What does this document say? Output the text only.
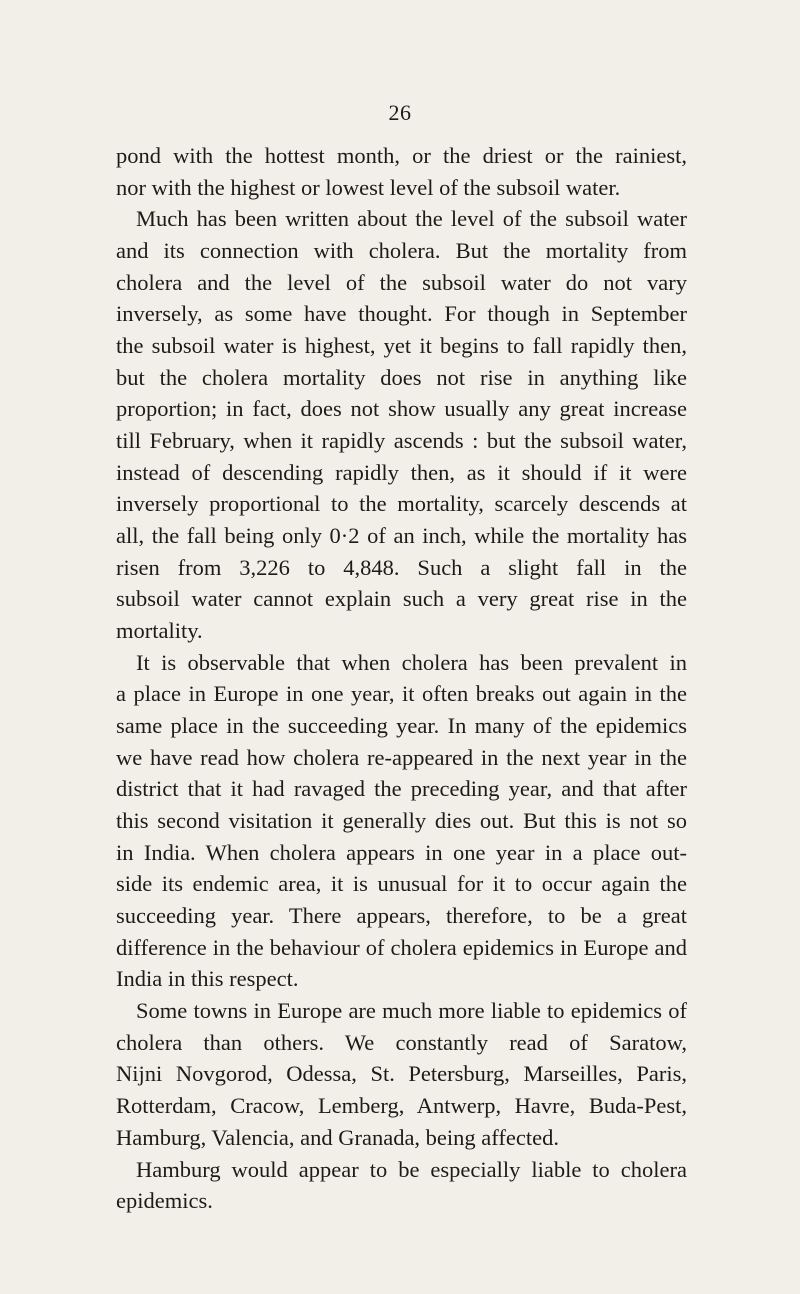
26
pond with the hottest month, or the driest or the rainiest,
nor with the highest or lowest level of the subsoil water.
Much has been written about the level of the subsoil water
and its connection with cholera. But the mortality from
cholera and the level of the subsoil water do not vary
inversely, as some have thought. For though in September
the subsoil water is highest, yet it begins to fall rapidly then,
but the cholera mortality does not rise in anything like
proportion; in fact, does not show usually any great increase
till February, when it rapidly ascends : but the subsoil water,
instead of descending rapidly then, as it should if it were
inversely proportional to the mortality, scarcely descends at
all, the fall being only 0·2 of an inch, while the mortality has
risen from 3,226 to 4,848. Such a slight fall in the
subsoil water cannot explain such a very great rise in the
mortality.
It is observable that when cholera has been prevalent in
a place in Europe in one year, it often breaks out again in the
same place in the succeeding year. In many of the epidemics
we have read how cholera re-appeared in the next year in the
district that it had ravaged the preceding year, and that after
this second visitation it generally dies out. But this is not so
in India. When cholera appears in one year in a place out-
side its endemic area, it is unusual for it to occur again the
succeeding year. There appears, therefore, to be a great
difference in the behaviour of cholera epidemics in Europe and
India in this respect.
Some towns in Europe are much more liable to epidemics of
cholera than others. We constantly read of Saratow,
Nijni Novgorod, Odessa, St. Petersburg, Marseilles, Paris,
Rotterdam, Cracow, Lemberg, Antwerp, Havre, Buda-Pest,
Hamburg, Valencia, and Granada, being affected.
Hamburg would appear to be especially liable to cholera
epidemics.
